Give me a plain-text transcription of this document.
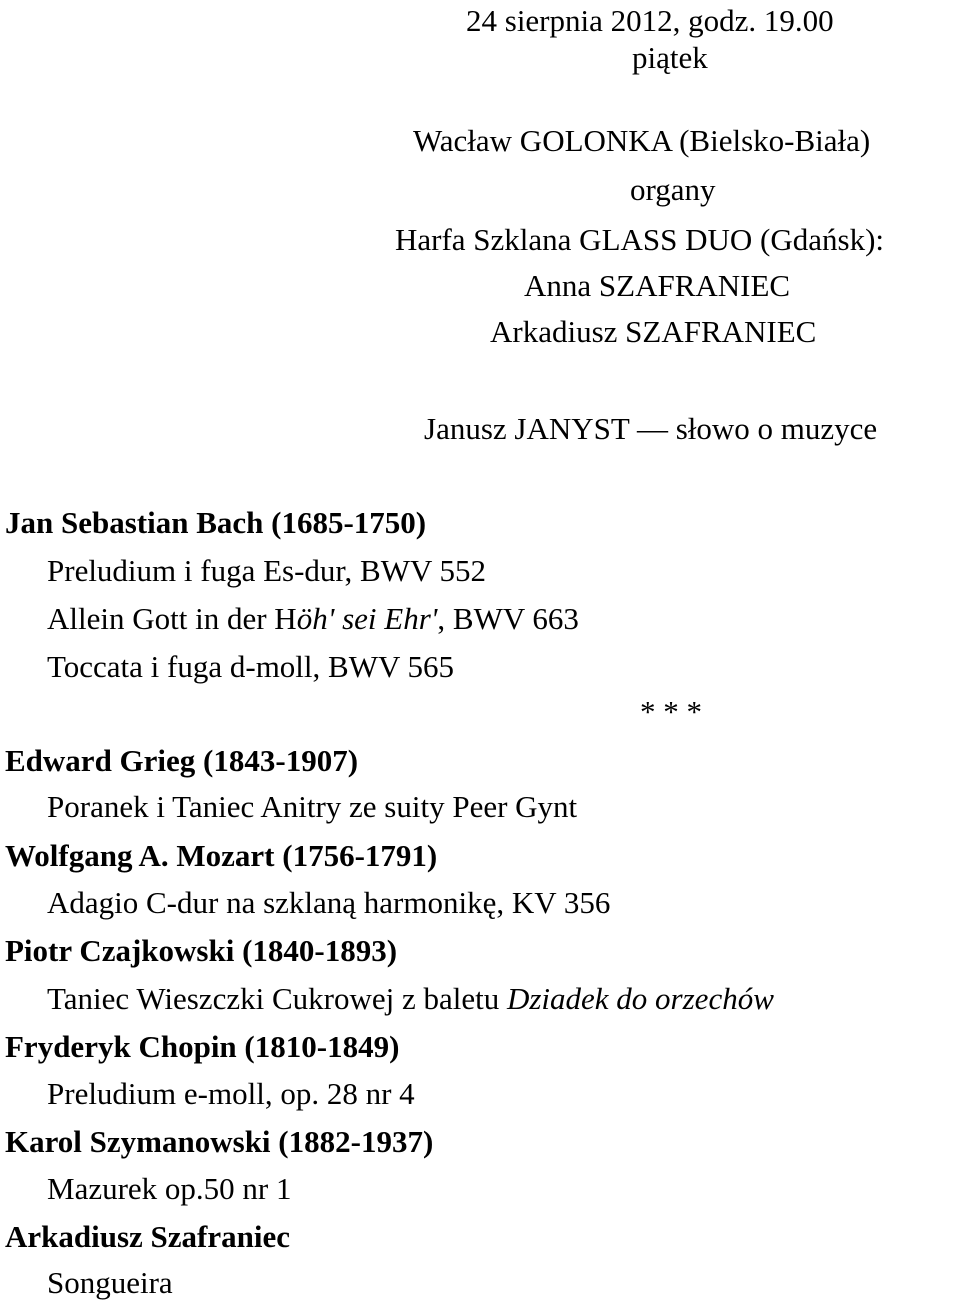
24 sierpnia 2012, godz. 19.00
piątek
Wacław GOLONKA (Bielsko-Biała)
organy
Harfa Szklana GLASS DUO (Gdańsk):
Anna SZAFRANIEC
Arkadiusz SZAFRANIEC
Janusz JANYST — słowo o muzyce
Jan Sebastian Bach (1685-1750)
Preludium i fuga Es-dur, BWV 552
Allein Gott in der Höh' sei Ehr', BWV 663
Toccata i fuga d-moll, BWV 565
* * *
Edward Grieg (1843-1907)
Poranek i Taniec Anitry ze suity Peer Gynt
Wolfgang A. Mozart (1756-1791)
Adagio C-dur na szklaną harmonikę, KV 356
Piotr Czajkowski (1840-1893)
Taniec Wieszczki Cukrowej z baletu Dziadek do orzechów
Fryderyk Chopin (1810-1849)
Preludium e-moll, op. 28 nr 4
Karol Szymanowski (1882-1937)
Mazurek op.50 nr 1
Arkadiusz Szafraniec
Songueira
